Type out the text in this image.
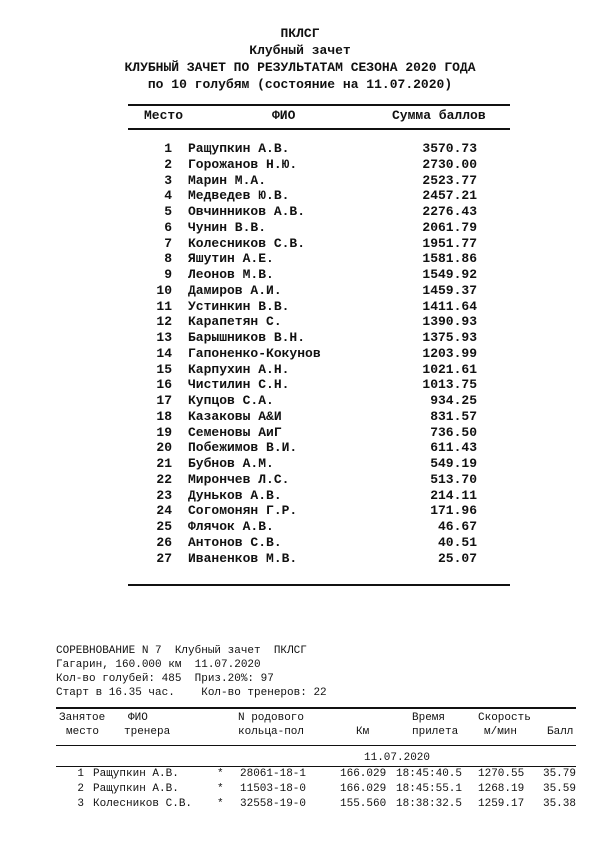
ПКЛСГ
Клубный зачет
КЛУБНЫЙ ЗАЧЕТ ПО РЕЗУЛЬТАТАМ СЕЗОНА 2020 ГОДА
по 10 голубям (состояние на 11.07.2020)
Место	ФИО	Сумма баллов
1 Ращупкин А.В.	3570.73
2 Горожанов Н.Ю.	2730.00
3 Марин М.А.	2523.77
4 Медведев Ю.В.	2457.21
5 Овчинников А.В.	2276.43
6 Чунин В.В.	2061.79
7 Колесников С.В.	1951.77
8 Яшутин А.Е.	1581.86
9 Леонов М.В.	1549.92
10 Дамиров А.И.	1459.37
11 Устинкин В.В.	1411.64
12 Карапетян С.	1390.93
13 Барышников В.Н.	1375.93
14 Гапоненко-Кокунов	1203.99
15 Карпухин А.Н.	1021.61
16 Чистилин С.Н.	1013.75
17 Купцов С.А.	934.25
18 Казаковы А&И	831.57
19 Семеновы АиГ	736.50
20 Побежимов В.И.	611.43
21 Бубнов А.М.	549.19
22 Мирончев Л.С.	513.70
23 Дуньков А.В.	214.11
24 Согомонян Г.Р.	171.96
25 Флячок А.В.	46.67
26 Антонов С.В.	40.51
27 Иваненков М.В.	25.07
СОРЕВНОВАНИЕ N 7  Клубный зачет  ПКЛСГ
Гагарин, 160.000 км  11.07.2020
Кол-во голубей: 485  Приз.20%: 97
Старт в 16.35 час.    Кол-во тренеров: 22
Занятое ФИО	N родового	Время	Скорость
место тренера	кольца-пол	Км	прилета м/мин	Балл
11.07.2020
1 Ращупкин А.В.	* 28061-18-1	166.029 18:45:40.5 1270.55 35.79
2 Ращупкин А.В.	* 11503-18-0	166.029 18:45:55.1 1268.19 35.59
3 Колесников С.В. * 32558-19-0	155.560 18:38:32.5 1259.17 35.38
